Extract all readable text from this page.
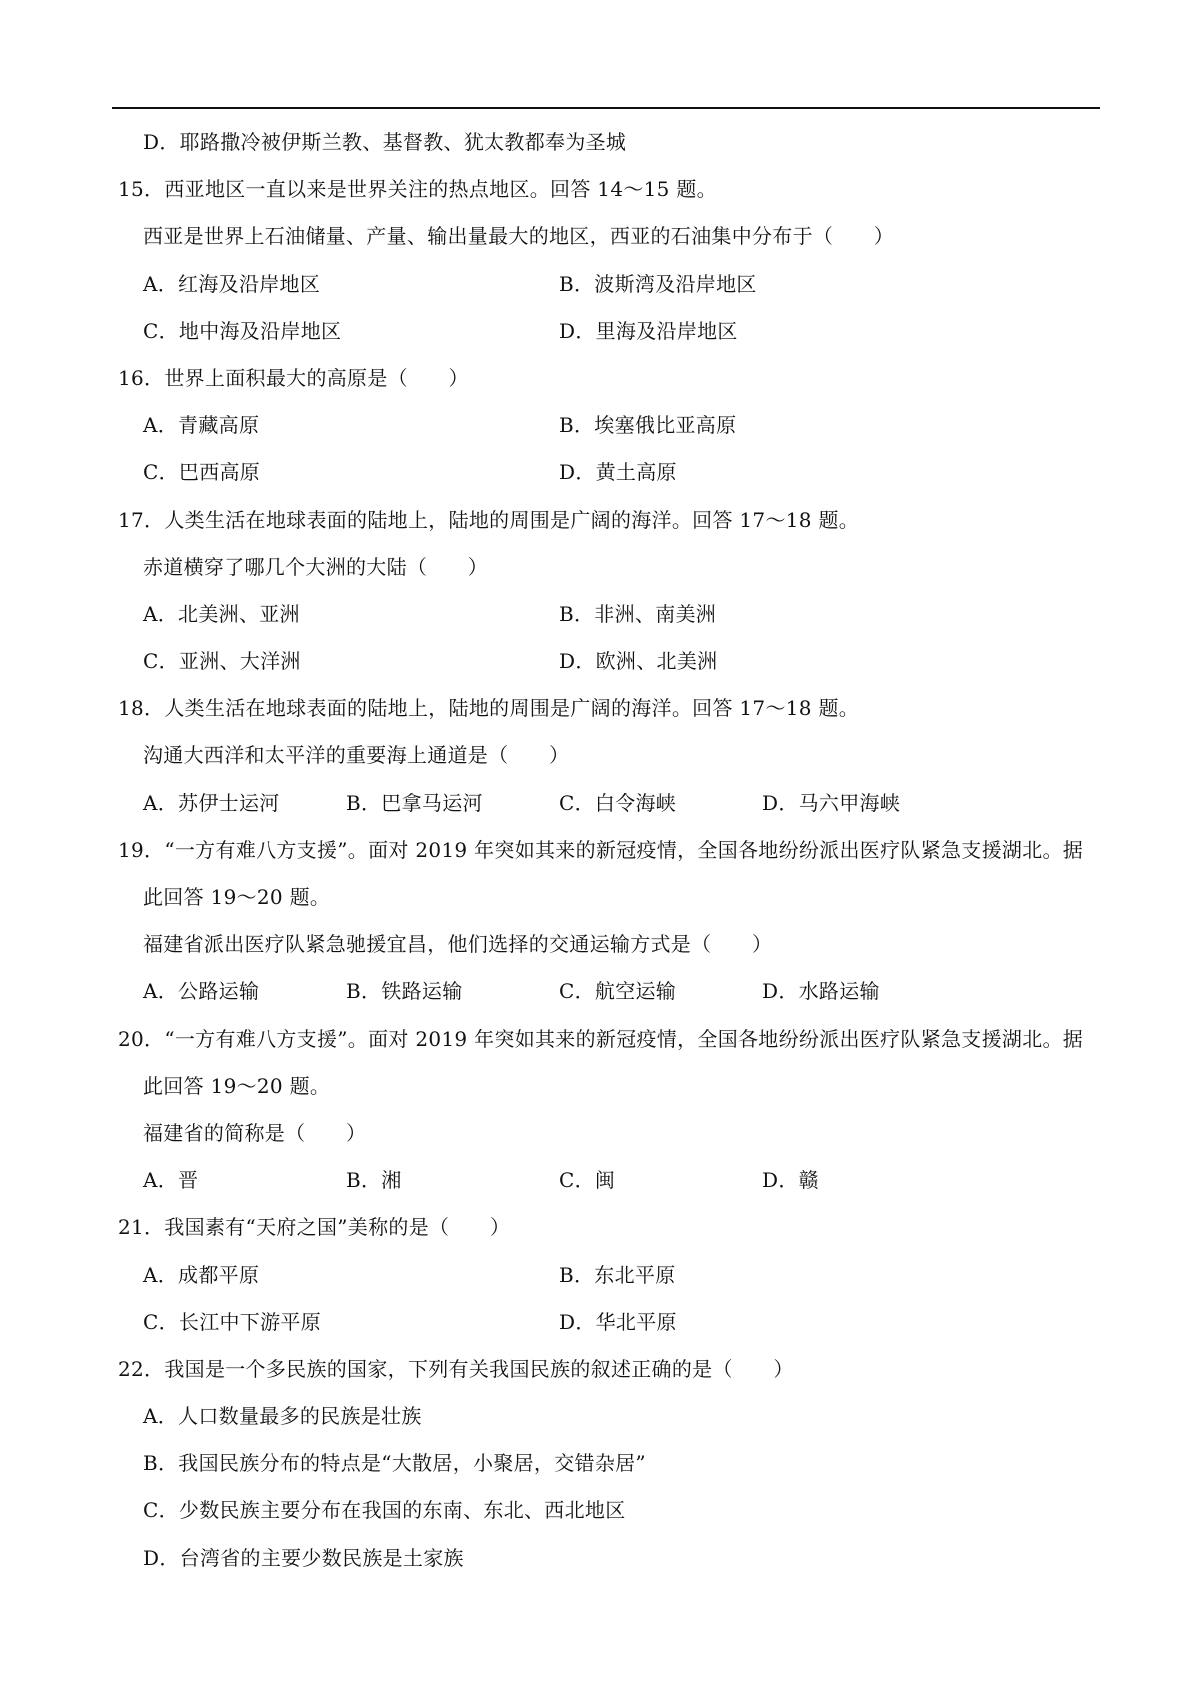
D．耶路撒冷被伊斯兰教、基督教、犹太教都奉为圣城
15．西亚地区一直以来是世界关注的热点地区。回答 14～15 题。
西亚是世界上石油储量、产量、输出量最大的地区，西亚的石油集中分布于（　　）
A．红海及沿岸地区	B．波斯湾及沿岸地区
C．地中海及沿岸地区	D．里海及沿岸地区
16．世界上面积最大的高原是（　　）
A．青藏高原	B．埃塞俄比亚高原
C．巴西高原	D．黄土高原
17．人类生活在地球表面的陆地上，陆地的周围是广阔的海洋。回答 17～18 题。
赤道横穿了哪几个大洲的大陆（　　）
A．北美洲、亚洲	B．非洲、南美洲
C．亚洲、大洋洲	D．欧洲、北美洲
18．人类生活在地球表面的陆地上，陆地的周围是广阔的海洋。回答 17～18 题。
沟通大西洋和太平洋的重要海上通道是（　　）
A．苏伊士运河	B．巴拿马运河	C．白令海峡	D．马六甲海峡
19．“一方有难八方支援”。面对 2019 年突如其来的新冠疫情，全国各地纷纷派出医疗队紧急支援湖北。据
此回答 19～20 题。
福建省派出医疗队紧急驰援宜昌，他们选择的交通运输方式是（　　）
A．公路运输	B．铁路运输	C．航空运输	D．水路运输
20．“一方有难八方支援”。面对 2019 年突如其来的新冠疫情，全国各地纷纷派出医疗队紧急支援湖北。据
此回答 19～20 题。
福建省的简称是（　　）
A．晋	B．湘	C．闽	D．赣
21．我国素有“天府之国”美称的是（　　）
A．成都平原	B．东北平原
C．长江中下游平原	D．华北平原
22．我国是一个多民族的国家，下列有关我国民族的叙述正确的是（　　）
A．人口数量最多的民族是壮族
B．我国民族分布的特点是“大散居，小聚居，交错杂居”
C．少数民族主要分布在我国的东南、东北、西北地区
D．台湾省的主要少数民族是土家族
